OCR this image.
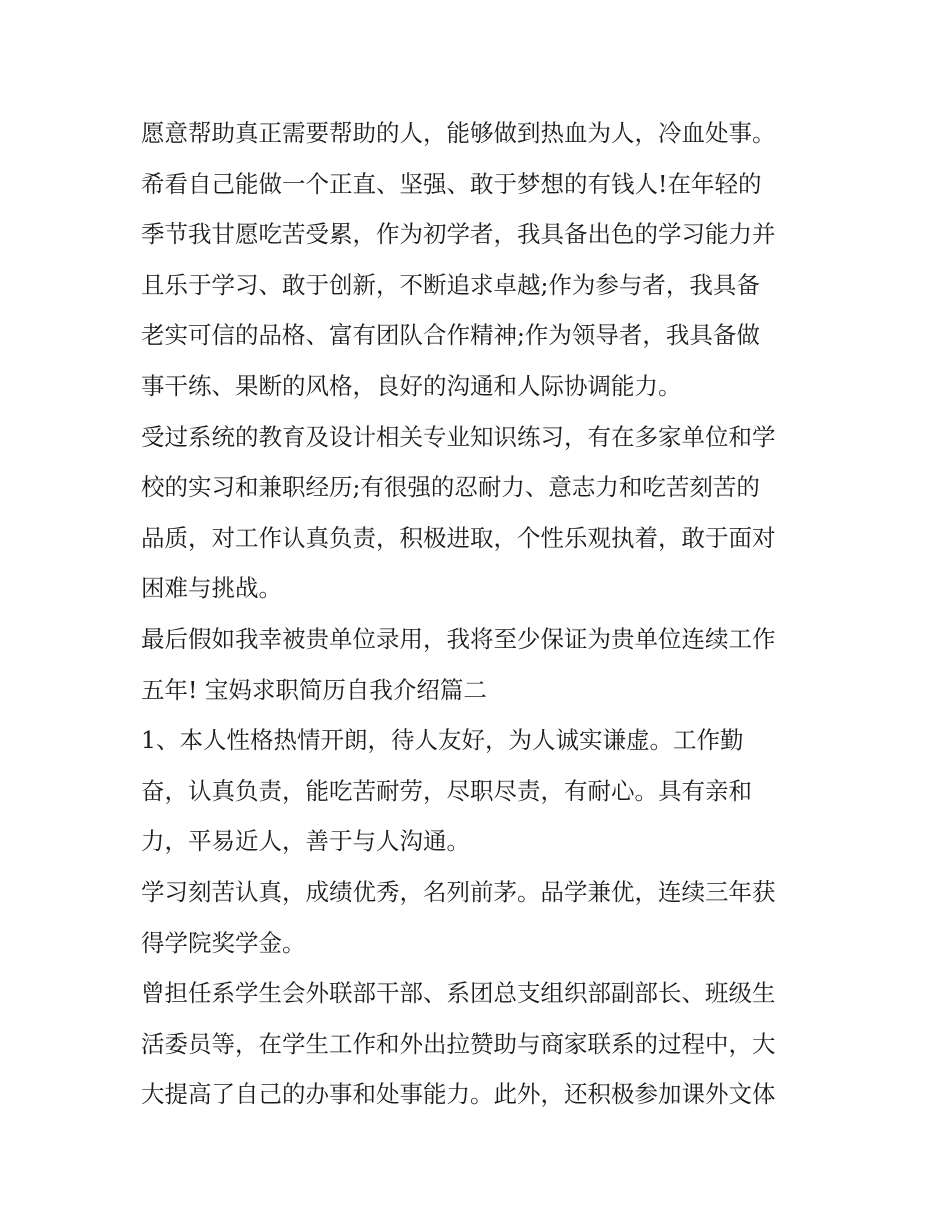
愿意帮助真正需要帮助的人，能够做到热血为人，冷血处事。
希看自己能做一个正直、坚强、敢于梦想的有钱人!在年轻的
季节我甘愿吃苦受累，作为初学者，我具备出色的学习能力并
且乐于学习、敢于创新，不断追求卓越;作为参与者，我具备
老实可信的品格、富有团队合作精神;作为领导者，我具备做
事干练、果断的风格，良好的沟通和人际协调能力。
受过系统的教育及设计相关专业知识练习，有在多家单位和学
校的实习和兼职经历;有很强的忍耐力、意志力和吃苦刻苦的
品质，对工作认真负责，积极进取，个性乐观执着，敢于面对
困难与挑战。
最后假如我幸被贵单位录用，我将至少保证为贵单位连续工作
五年! 宝妈求职简历自我介绍篇二
1、本人性格热情开朗，待人友好，为人诚实谦虚。工作勤
奋，认真负责，能吃苦耐劳，尽职尽责，有耐心。具有亲和
力，平易近人，善于与人沟通。
学习刻苦认真，成绩优秀，名列前茅。品学兼优，连续三年获
得学院奖学金。
曾担任系学生会外联部干部、系团总支组织部副部长、班级生
活委员等，在学生工作和外出拉赞助与商家联系的过程中，大
大提高了自己的办事和处事能力。此外，还积极参加课外文体
